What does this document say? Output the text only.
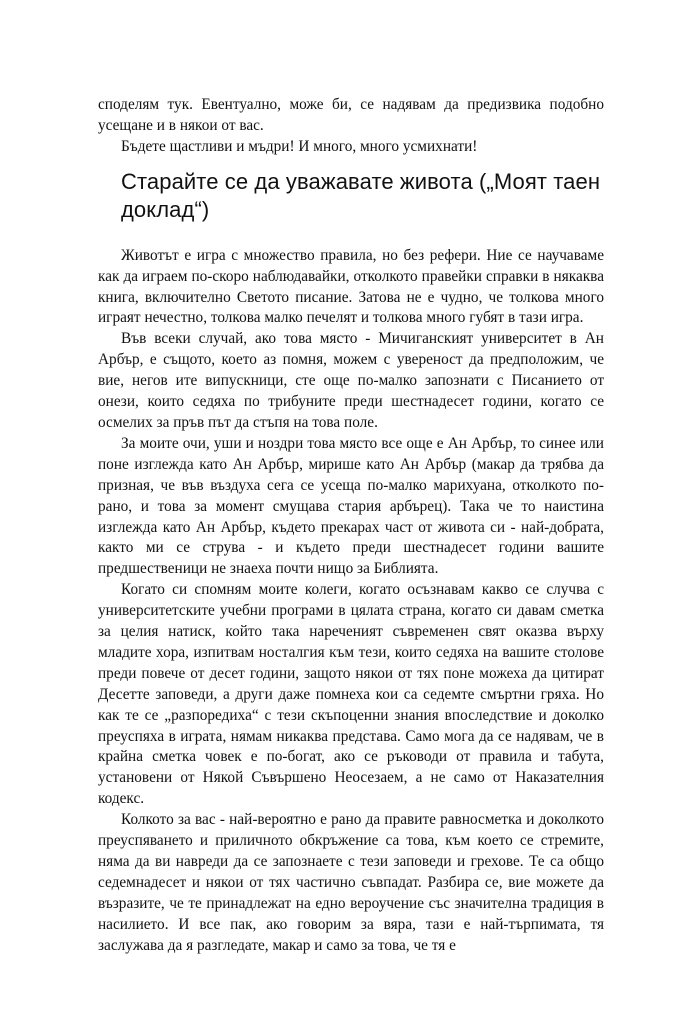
споделям тук. Евентуално, може би, се надявам да предизвика подобно усещане и в някои от вас.

Бъдете щастливи и мъдри! И много, много усмихнати!

Старайте се да уважавате живота („Моят таен доклад“)

Животът е игра с множество правила, но без рефери. Ние се научаваме как да играем по-скоро наблюдавайки, отколкото правейки справки в някаква книга, включително Светото писание. Затова не е чудно, че толкова много играят нечестно, толкова малко печелят и толкова много губят в тази игра.

Във всеки случай, ако това място - Мичиганският университет в Ан Арбър, е същото, което аз помня, можем с увереност да предположим, че вие, негов ите випускници, сте още по-малко запознати с Писанието от онези, които седяха по трибуните преди шестнадесет години, когато се осмелих за пръв път да стъпя на това поле.

За моите очи, уши и ноздри това място все още е Ан Арбър, то синее или поне изглежда като Ан Арбър, мирише като Ан Арбър (макар да трябва да призная, че във въздуха сега се усеща по-малко марихуана, отколкото по-рано, и това за момент смущава стария арбърец). Така че то наистина изглежда като Ан Арбър, където прекарах част от живота си - най-добрата, както ми се струва - и където преди шестнадесет години вашите предшественици не знаеха почти нищо за Библията.

Когато си спомням моите колеги, когато осъзнавам какво се случва с университетските учебни програми в цялата страна, когато си давам сметка за целия натиск, който така нареченият съвременен свят оказва върху младите хора, изпитвам носталгия към тези, които седяха на вашите столове преди повече от десет години, защото някои от тях поне можеха да цитират Десетте заповеди, а други даже помнеха кои са седемте смъртни гряха. Но как те се „разпоредиха“ с тези скъпоценни знания впоследствие и доколко преуспяха в играта, нямам никаква представа. Само мога да се надявам, че в крайна сметка човек е по-богат, ако се ръководи от правила и табута, установени от Някой Съвършено Неосезаем, а не само от Наказателния кодекс.

Колкото за вас - най-вероятно е рано да правите равносметка и доколкото преуспяването и приличното обкръжение са това, към което се стремите, няма да ви навреди да се запознаете с тези заповеди и грехове. Те са общо седемнадесет и някои от тях частично съвпадат. Разбира се, вие можете да възразите, че те принадлежат на едно вероучение със значителна традиция в насилието. И все пак, ако говорим за вяра, тази е най-търпимата, тя заслужава да я разгледате, макар и само за това, че тя е
